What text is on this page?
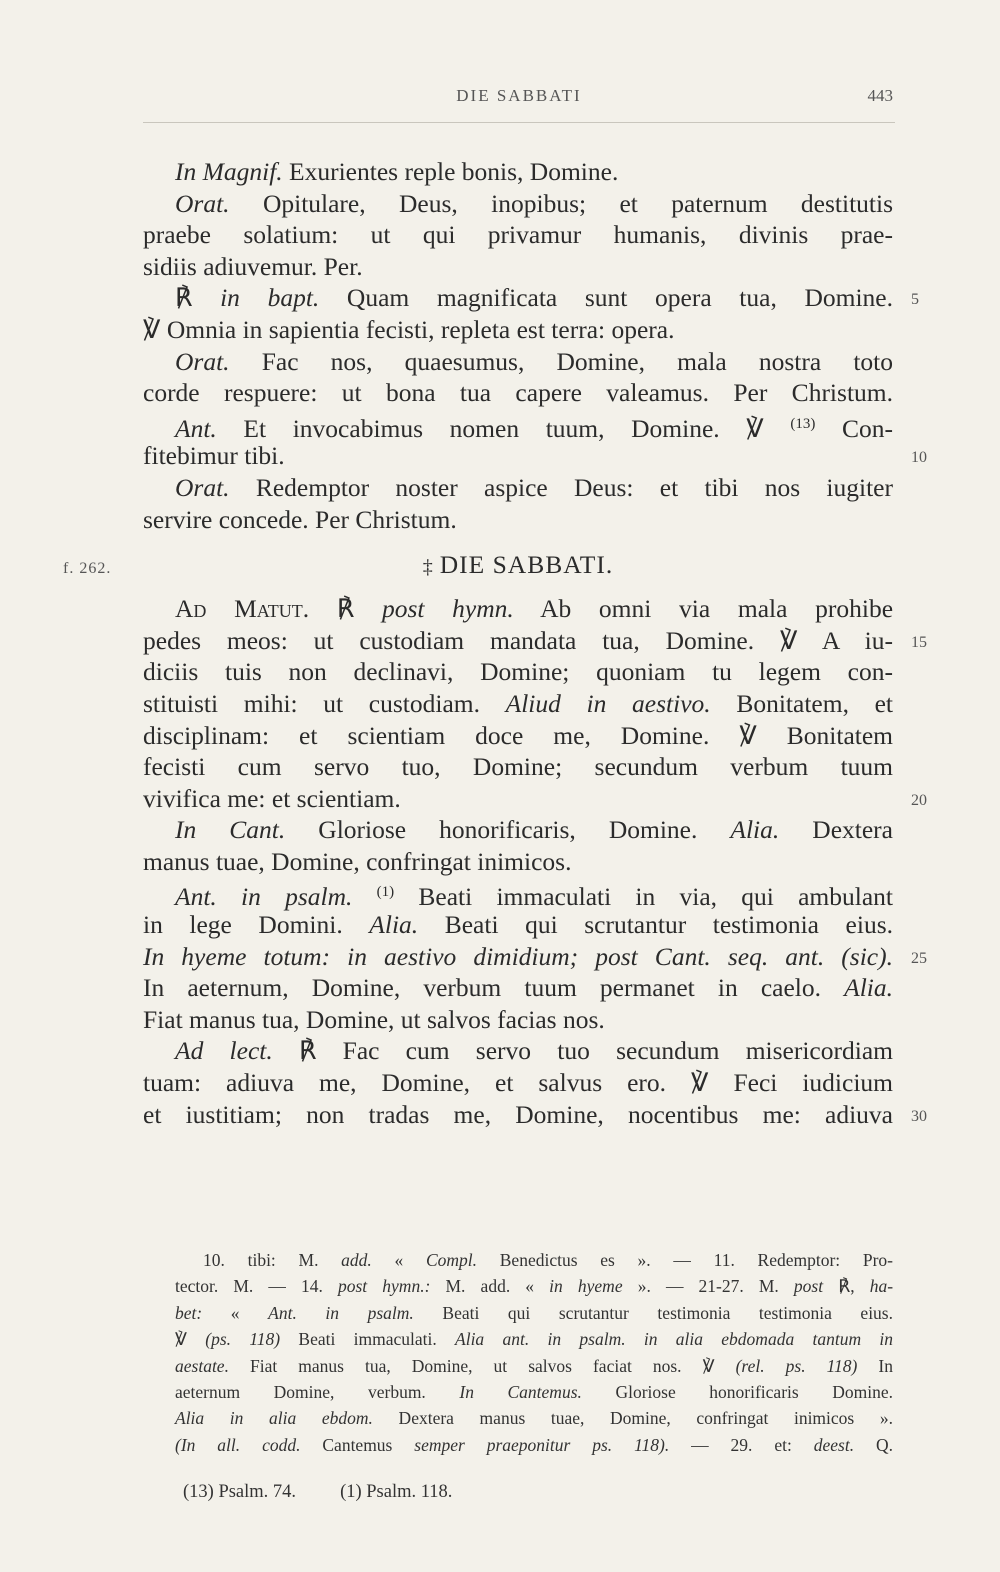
DIE SABBATI	443
In Magnif. Exurientes reple bonis, Domine.
Orat. Opitulare, Deus, inopibus; et paternum destitutis
praebe solatium: ut qui privamur humanis, divinis prae-
sidiis adiuvemur. Per.
℟ in bapt. Quam magnificata sunt opera tua, Domine. 5
℣ Omnia in sapientia fecisti, repleta est terra: opera.
Orat. Fac nos, quaesumus, Domine, mala nostra toto
corde respuere: ut bona tua capere valeamus. Per Christum.
Ant. Et invocabimus nomen tuum, Domine. ℣ $^{(13)}$ Con-
fitebimur tibi.	10
Orat. Redemptor noster aspice Deus: et tibi nos iugiter
servire concede. Per Christum.
f. 262.	‡ DIE SABBATI.
Ad Matut. ℟ post hymn. Ab omni via mala prohibe
pedes meos: ut custodiam mandata tua, Domine. ℣ A iu- 15
diciis tuis non declinavi, Domine; quoniam tu legem con-
stituisti mihi: ut custodiam. Aliud in aestivo. Bonitatem, et
disciplinam: et scientiam doce me, Domine. ℣ Bonitatem
fecisti cum servo tuo, Domine; secundum verbum tuum
vivifica me: et scientiam.	20
In Cant. Gloriose honorificaris, Domine. Alia. Dextera
manus tuae, Domine, confringat inimicos.
Ant. in psalm. $^{(1)}$ Beati immaculati in via, qui ambulant
in lege Domini. Alia. Beati qui scrutantur testimonia eius.
In hyeme totum: in aestivo dimidium; post Cant. seq. ant. (sic). 25
In aeternum, Domine, verbum tuum permanet in caelo. Alia.
Fiat manus tua, Domine, ut salvos facias nos.
Ad lect. ℟ Fac cum servo tuo secundum misericordiam
tuam: adiuva me, Domine, et salvus ero. ℣ Feci iudicium
et iustitiam; non tradas me, Domine, nocentibus me: adiuva 30
10. tibi: M. add. « Compl. Benedictus es ». — 11. Redemptor: Pro-
tector. M. — 14. post hymn.: M. add. « in hyeme ». — 21-27. M. post ℟, ha-
bet: « Ant. in psalm. Beati qui scrutantur testimonia testimonia eius.
℣ (ps. 118) Beati immaculati. Alia ant. in psalm. in alia ebdomada tantum in
aestate. Fiat manus tua, Domine, ut salvos faciat nos. ℣ (rel. ps. 118) In
aeternum Domine, verbum. In Cantemus. Gloriose honorificaris Domine.
Alia in alia ebdom. Dextera manus tuae, Domine, confringat inimicos ».
(In all. codd. Cantemus semper praeponitur ps. 118). — 29. et: deest. Q.
(13) Psalm. 74. (1) Psalm. 118.
